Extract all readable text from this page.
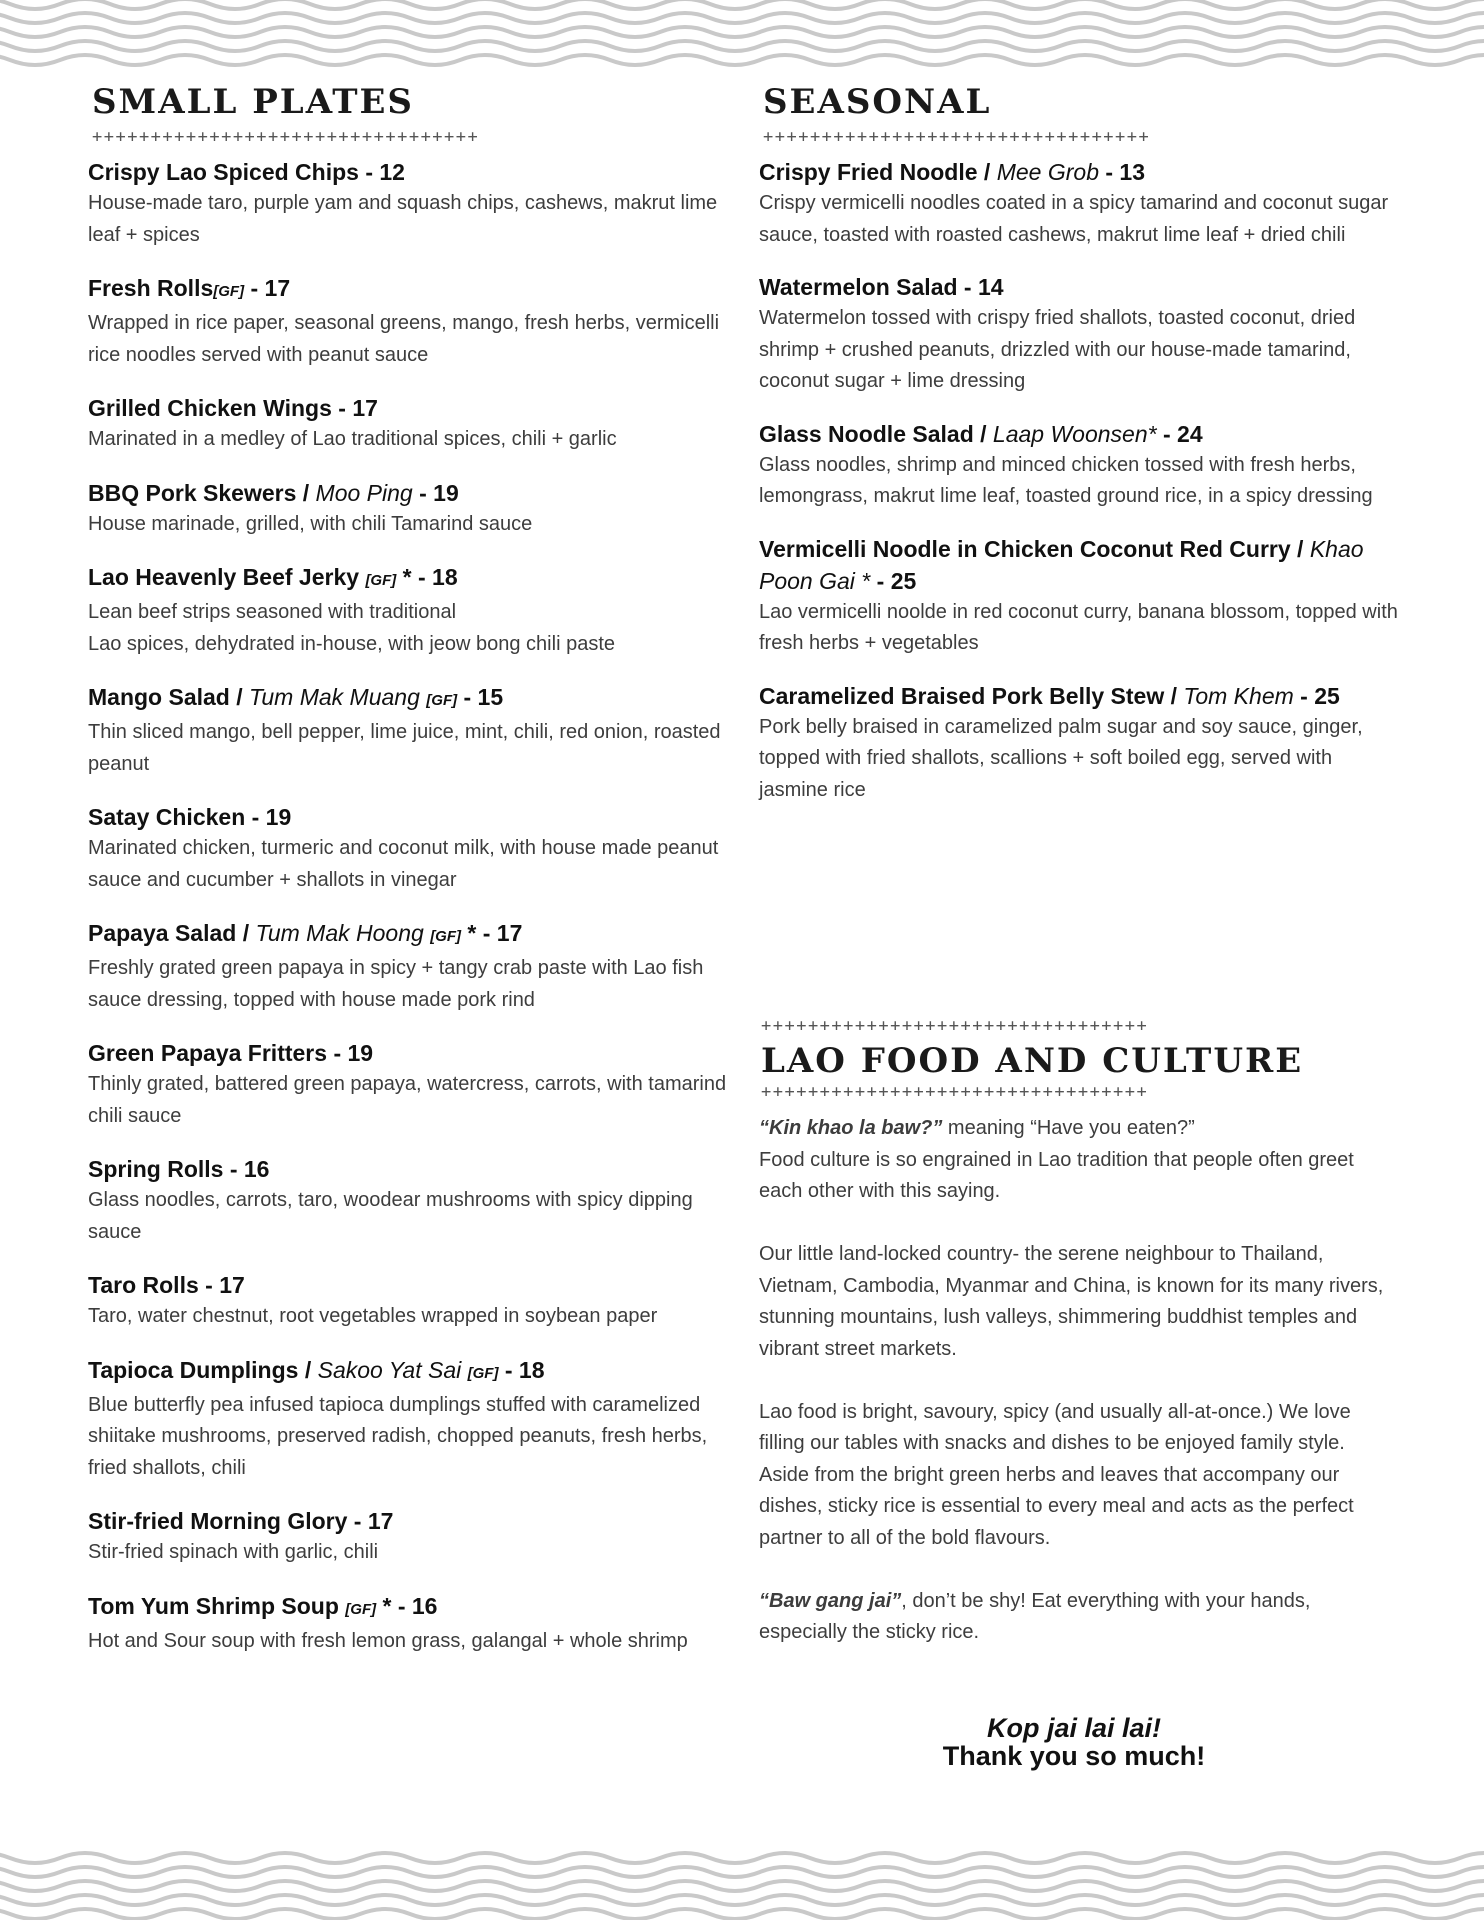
SMALL PLATES
+++++++++++++++++++++++++++++++++
Crispy Lao Spiced Chips - 12
House-made taro, purple yam and squash chips, cashews, makrut lime leaf + spices
Fresh Rolls[GF] - 17
Wrapped in rice paper, seasonal greens, mango, fresh herbs, vermicelli rice noodles served with peanut sauce
Grilled Chicken Wings - 17
Marinated in a medley of Lao traditional spices, chili + garlic
BBQ Pork Skewers / Moo Ping - 19
House marinade, grilled, with chili Tamarind sauce
Lao Heavenly Beef Jerky [GF] * - 18
Lean beef strips seasoned with traditional
Lao spices, dehydrated in-house, with jeow bong chili paste
Mango Salad / Tum Mak Muang [GF] - 15
Thin sliced mango, bell pepper, lime juice, mint, chili, red onion, roasted peanut
Satay Chicken - 19
Marinated chicken, turmeric and coconut milk, with house made peanut sauce and cucumber + shallots in vinegar
Papaya Salad / Tum Mak Hoong [GF] * - 17
Freshly grated green papaya in spicy + tangy crab paste with Lao fish sauce dressing, topped with house made pork rind
Green Papaya Fritters - 19
Thinly grated, battered green papaya, watercress, carrots, with tamarind chili sauce
Spring Rolls - 16
Glass noodles, carrots, taro, woodear mushrooms with spicy dipping sauce
Taro Rolls - 17
Taro, water chestnut, root vegetables wrapped in soybean paper
Tapioca Dumplings / Sakoo Yat Sai [GF] - 18
Blue butterfly pea infused tapioca dumplings stuffed with caramelized shiitake mushrooms, preserved radish, chopped peanuts, fresh herbs, fried shallots, chili
Stir-fried Morning Glory - 17
Stir-fried spinach with garlic, chili
Tom Yum Shrimp Soup [GF] * - 16
Hot and Sour soup with fresh lemon grass, galangal + whole shrimp
SEASONAL
+++++++++++++++++++++++++++++++++
Crispy Fried Noodle / Mee Grob - 13
Crispy vermicelli noodles coated in a spicy tamarind and coconut sugar sauce, toasted with roasted cashews, makrut lime leaf + dried chili
Watermelon Salad - 14
Watermelon tossed with crispy fried shallots, toasted coconut, dried shrimp + crushed peanuts, drizzled with our house-made tamarind, coconut sugar + lime dressing
Glass Noodle Salad / Laap Woonsen* - 24
Glass noodles, shrimp and minced chicken tossed with fresh herbs, lemongrass, makrut lime leaf, toasted ground rice, in a spicy dressing
Vermicelli Noodle in Chicken Coconut Red Curry / Khao Poon Gai * - 25
Lao vermicelli noolde in red coconut curry, banana blossom, topped with fresh herbs + vegetables
Caramelized Braised Pork Belly Stew / Tom Khem - 25
Pork belly braised in caramelized palm sugar and soy sauce, ginger, topped with fried shallots, scallions + soft boiled egg, served with jasmine rice
+++++++++++++++++++++++++++++++++
LAO FOOD AND CULTURE
+++++++++++++++++++++++++++++++++

“Kin khao la baw?” meaning “Have you eaten?”
Food culture is so engrained in Lao tradition that people often greet each other with this saying.

Our little land-locked country- the serene neighbour to Thailand, Vietnam, Cambodia, Myanmar and China, is known for its many rivers, stunning mountains, lush valleys, shimmering buddhist temples and vibrant street markets.

Lao food is bright, savoury, spicy (and usually all-at-once.) We love filling our tables with snacks and dishes to be enjoyed family style. Aside from the bright green herbs and leaves that accompany our dishes, sticky rice is essential to every meal and acts as the perfect partner to all of the bold flavours.

“Baw gang jai”, don’t be shy! Eat everything with your hands, especially the sticky rice.

Kop jai lai lai!
Thank you so much!
